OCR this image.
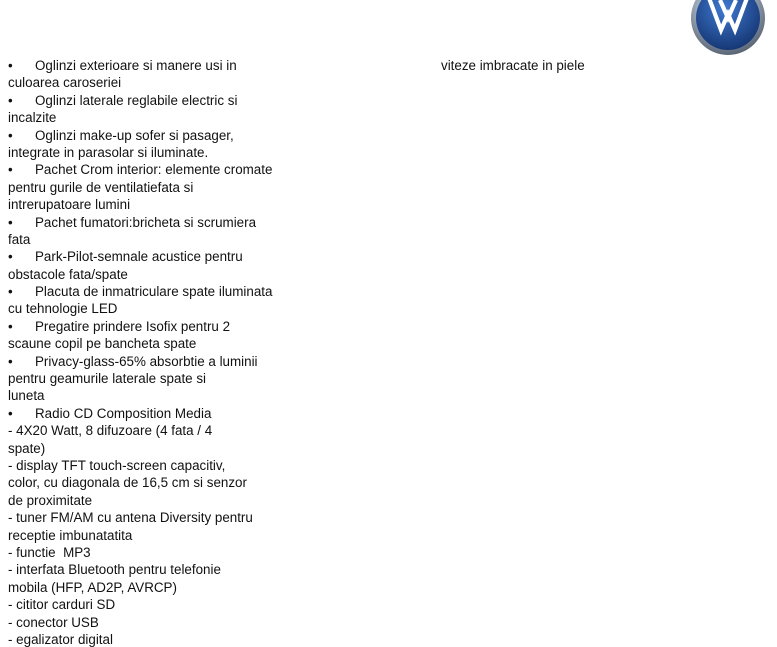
• Oglinzi exterioare si manere usi in
culoarea caroseriei
• Oglinzi laterale reglabile electric si
incalzite
• Oglinzi make-up sofer si pasager,
integrate in parasolar si iluminate.
• Pachet Crom interior: elemente cromate
pentru gurile de ventilatiefata si
intrerupatoare lumini
• Pachet fumatori:bricheta si scrumiera
fata
• Park-Pilot-semnale acustice pentru
obstacole fata/spate
• Placuta de inmatriculare spate iluminata
cu tehnologie LED
• Pregatire prindere Isofix pentru 2
scaune copil pe bancheta spate
• Privacy-glass-65% absorbtie a luminii
pentru geamurile laterale spate si
luneta
• Radio CD Composition Media
- 4X20 Watt, 8 difuzoare (4 fata / 4
spate)
- display TFT touch-screen capacitiv,
color, cu diagonala de 16,5 cm si senzor
de proximitate
- tuner FM/AM cu antena Diversity pentru
receptie imbunatatita
- functie  MP3
- interfata Bluetooth pentru telefonie
mobila (HFP, AD2P, AVRCP)
- cititor carduri SD
- conector USB
- egalizator digital
viteze imbracate in piele
